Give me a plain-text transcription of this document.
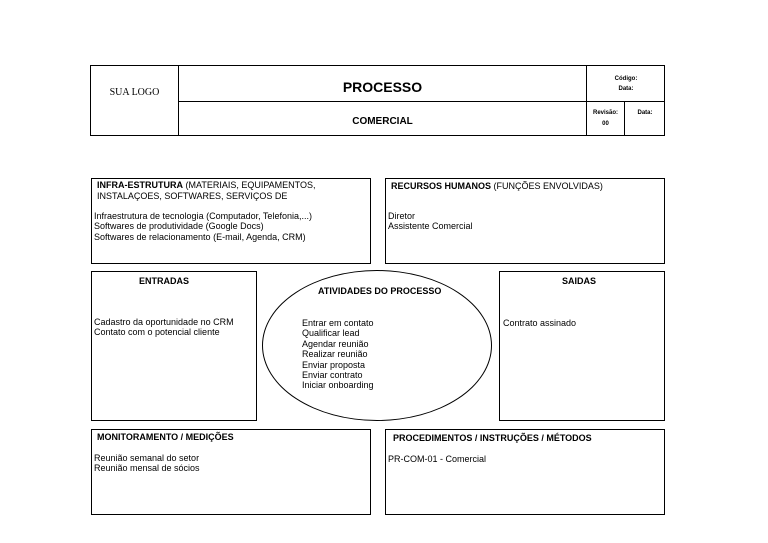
SUA LOGO	PROCESSO
COMERCIAL
Código:
Data:
Revisão:
00
Data:
INFRA-ESTRUTURA (MATERIAIS, EQUIPAMENTOS, INSTALAÇOES, SOFTWARES, SERVIÇOS DE
Infraestrutura de tecnologia (Computador, Telefonia,...)
Softwares de produtividade (Google Docs)
Softwares de relacionamento (E-mail, Agenda, CRM)
RECURSOS HUMANOS (FUNÇÕES ENVOLVIDAS)
Diretor
Assistente Comercial
ENTRADAS
Cadastro da oportunidade no CRM
Contato com o potencial cliente
ATIVIDADES DO PROCESSO
Entrar em contato
Qualificar lead
Agendar reunião
Realizar reunião
Enviar proposta
Enviar contrato
Iniciar onboarding
SAIDAS
Contrato assinado
MONITORAMENTO / MEDIÇÕES
Reunião semanal do setor
Reunião mensal de sócios
PROCEDIMENTOS / INSTRUÇÕES / MÉTODOS
PR-COM-01 - Comercial
